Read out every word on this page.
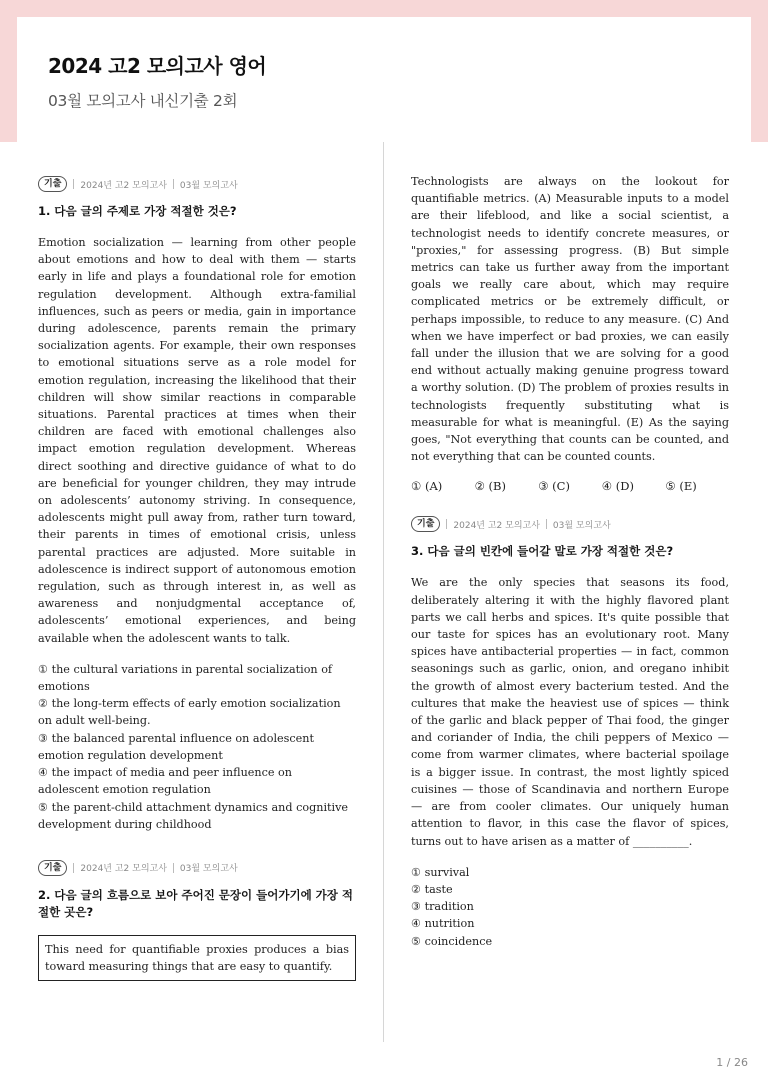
2024 고2 모의고사 영어
03월 모의고사 내신기출 2회
기출	2024년 고2 모의고사 03월 모의고사
1. 다음 글의 주제로 가장 적절한 것은?
Emotion socialization — learning from other people about emotions and how to deal with them — starts early in life and plays a foundational role for emotion regulation development. Although extra-familial influences, such as peers or media, gain in importance during adolescence, parents remain the primary socialization agents. For example, their own responses to emotional situations serve as a role model for emotion regulation, increasing the likelihood that their children will show similar reactions in comparable situations. Parental practices at times when their children are faced with emotional challenges also impact emotion regulation development. Whereas direct soothing and directive guidance of what to do are beneficial for younger children, they may intrude on adolescents’ autonomy striving. In consequence, adolescents might pull away from, rather turn toward, their parents in times of emotional crisis, unless parental practices are adjusted. More suitable in adolescence is indirect support of autonomous emotion regulation, such as through interest in, as well as awareness and nonjudgmental acceptance of, adolescents’ emotional experiences, and being available when the adolescent wants to talk.
① the cultural variations in parental socialization of emotions
② the long-term effects of early emotion socialization on adult well-being.
③ the balanced parental influence on adolescent emotion regulation development
④ the impact of media and peer influence on adolescent emotion regulation
⑤ the parent-child attachment dynamics and cognitive development during childhood
기출	2024년 고2 모의고사 03월 모의고사
2. 다음 글의 흐름으로 보아 주어진 문장이 들어가기에 가장 적절한 곳은?
This need for quantifiable proxies produces a bias toward measuring things that are easy to quantify.
Technologists are always on the lookout for quantifiable metrics. (A) Measurable inputs to a model are their lifeblood, and like a social scientist, a technologist needs to identify concrete measures, or "proxies," for assessing progress. (B) But simple metrics can take us further away from the important goals we really care about, which may require complicated metrics or be extremely difficult, or perhaps impossible, to reduce to any measure. (C) And when we have imperfect or bad proxies, we can easily fall under the illusion that we are solving for a good end without actually making genuine progress toward a worthy solution. (D) The problem of proxies results in technologists frequently substituting what is measurable for what is meaningful. (E) As the saying goes, "Not everything that counts can be counted, and not everything that can be counted counts.
① (A)	② (B)	③ (C)	④ (D)	⑤ (E)
기출	2024년 고2 모의고사 03월 모의고사
3. 다음 글의 빈칸에 들어갈 말로 가장 적절한 것은?
We are the only species that seasons its food, deliberately altering it with the highly flavored plant parts we call herbs and spices. It's quite possible that our taste for spices has an evolutionary root. Many spices have antibacterial properties — in fact, common seasonings such as garlic, onion, and oregano inhibit the growth of almost every bacterium tested. And the cultures that make the heaviest use of spices — think of the garlic and black pepper of Thai food, the ginger and coriander of India, the chili peppers of Mexico — come from warmer climates, where bacterial spoilage is a bigger issue. In contrast, the most lightly spiced cuisines — those of Scandinavia and northern Europe — are from cooler climates. Our uniquely human attention to flavor, in this case the flavor of spices, turns out to have arisen as a matter of __________.
① survival
② taste
③ tradition
④ nutrition
⑤ coincidence
1 / 26
